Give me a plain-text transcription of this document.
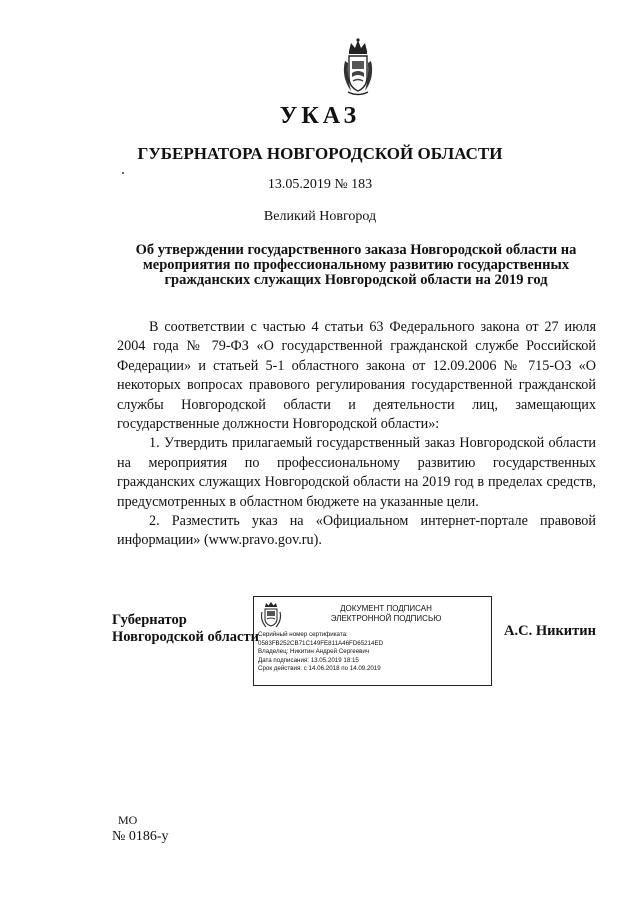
УКАЗ
ГУБЕРНАТОРА НОВГОРОДСКОЙ ОБЛАСТИ
13.05.2019 № 183
Великий Новгород
Об утверждении государственного заказа Новгородской области на
мероприятия по профессиональному развитию государственных
гражданских служащих Новгородской области на 2019 год

В соответствии с частью 4 статьи 63 Федерального закона от 27 июля 2004 года № 79-ФЗ «О государственной гражданской службе Российской Федерации» и статьей 5-1 областного закона от 12.09.2006 № 715-ОЗ «О некоторых вопросах правового регулирования государственной гражданской службы Новгородской области и деятельности лиц, замещающих государственные должности Новгородской области»:

1. Утвердить прилагаемый государственный заказ Новгородской области на мероприятия по профессиональному развитию государственных гражданских служащих Новгородской области на 2019 год в пределах средств, предусмотренных в областном бюджете на указанные цели.

2. Разместить указ на «Официальном интернет-портале правовой информации» (www.pravo.gov.ru).

Губернатор
Новгородской области
ДОКУМЕНТ ПОДПИСАН
ЭЛЕКТРОННОЙ ПОДПИСЬЮ
Серийный номер сертификата:
0583FB252CB71C149FE811A46FD65214ED
Владелец: Никитин Андрей Сергеевич
Дата подписания: 13.05.2019 18:15
Срок действия: с 14.06.2018 по 14.09.2019
А.С. Никитин
МО
№ 0186-у
